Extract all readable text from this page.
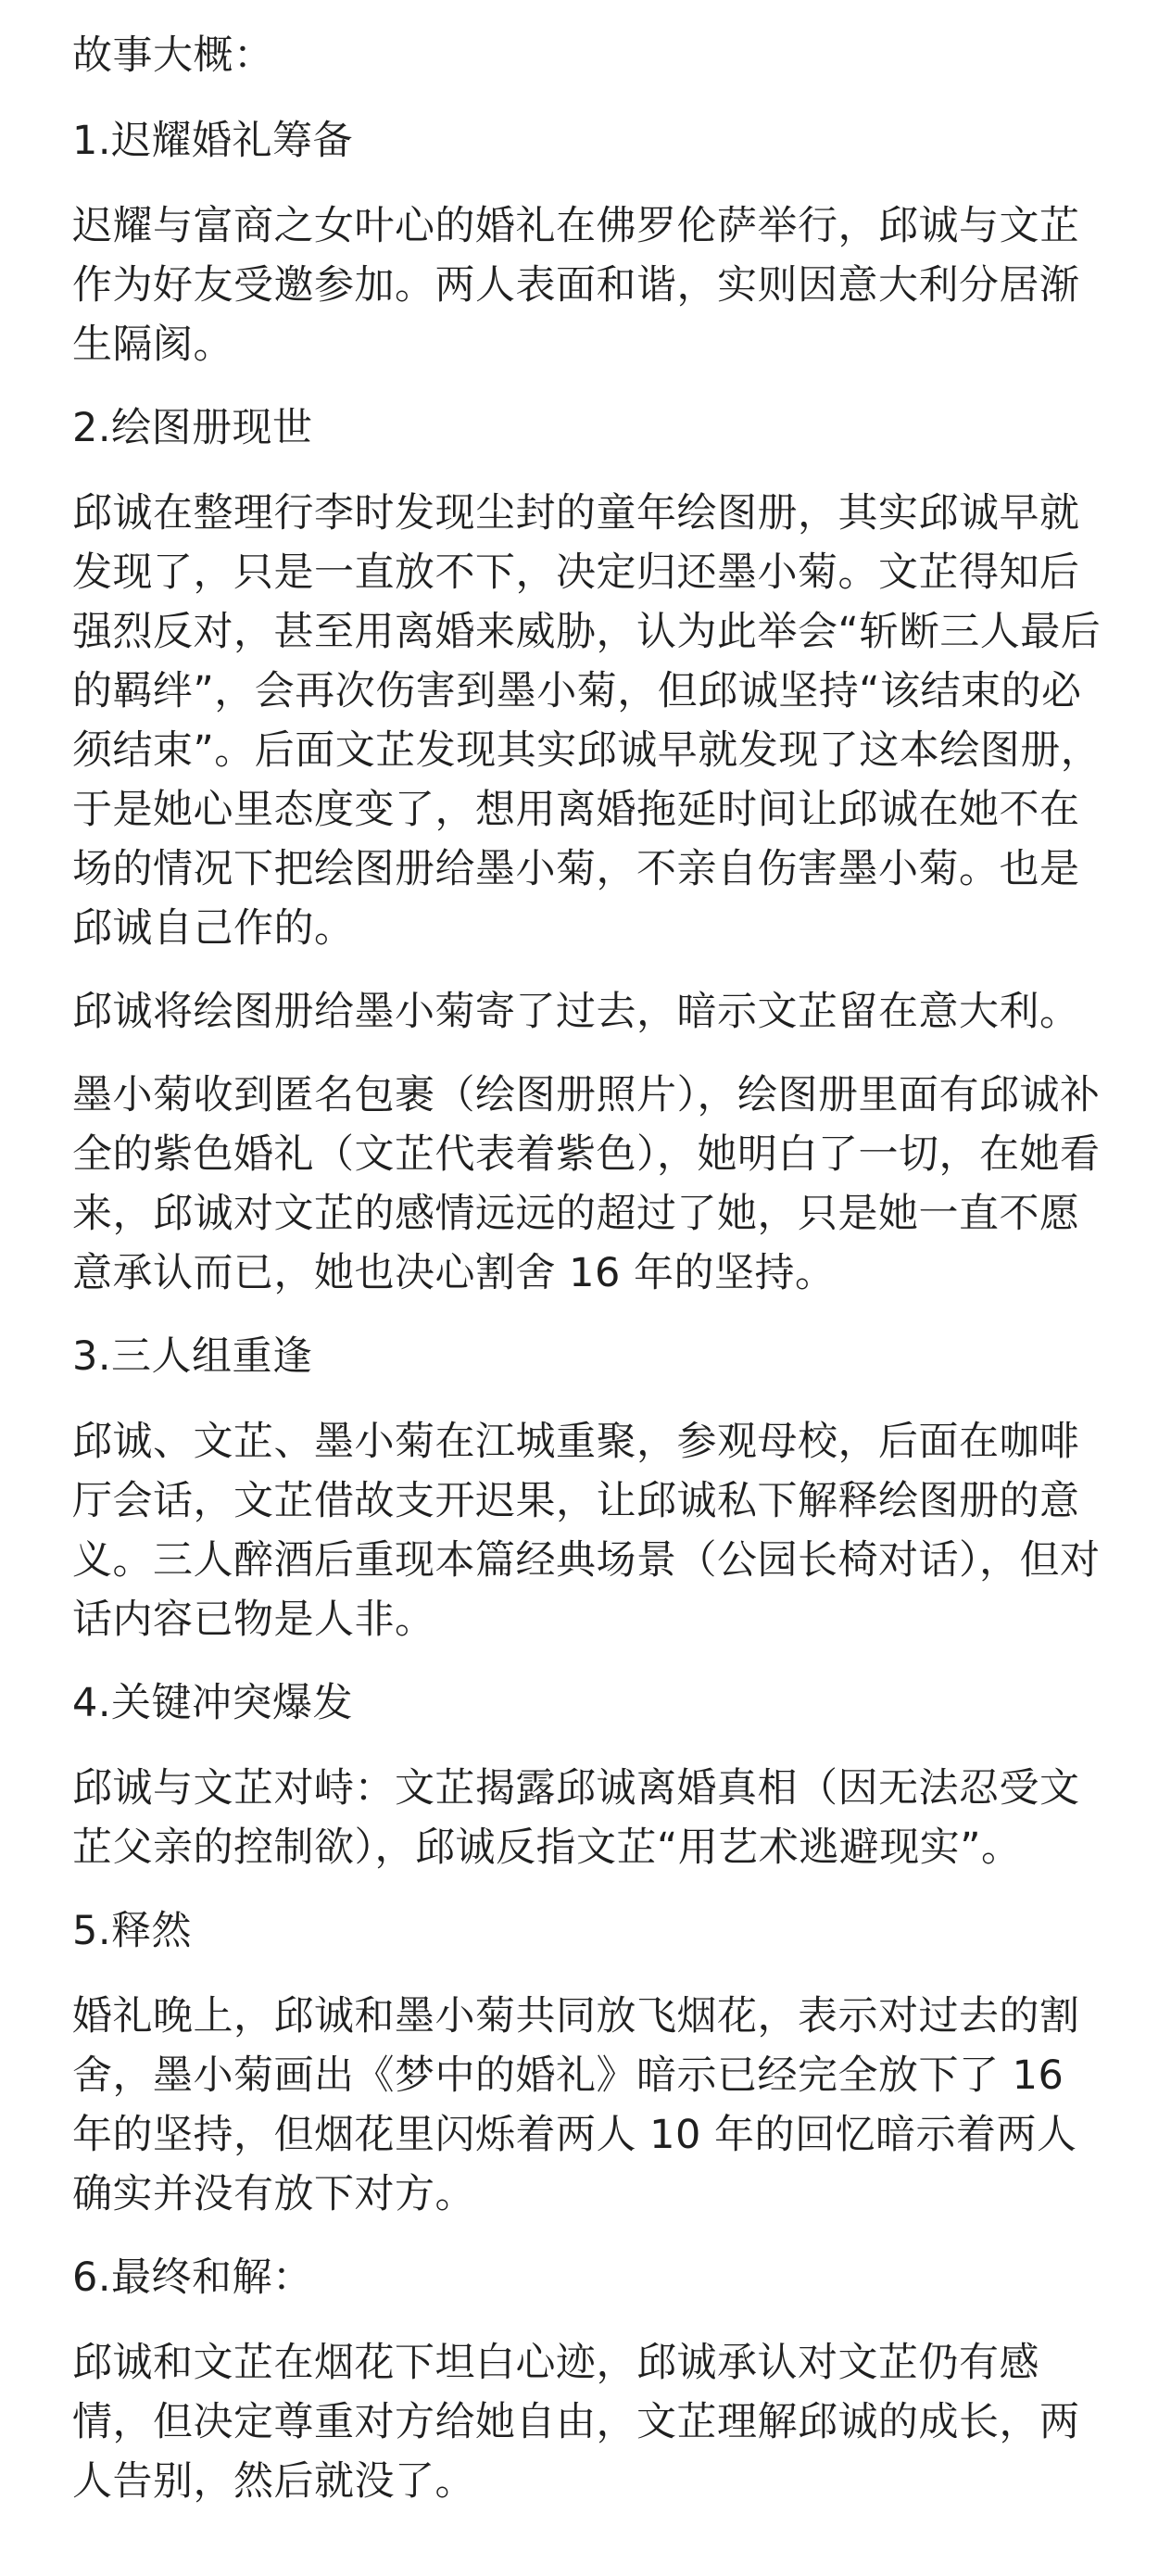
故事大概：

1.迟耀婚礼筹备

迟耀与富商之女叶心的婚礼在佛罗伦萨举行，邱诚与文芷作为好友受邀参加。两人表面和谐，实则因意大利分居渐生隔阂。

2.绘图册现世

邱诚在整理行李时发现尘封的童年绘图册，其实邱诚早就发现了，只是一直放不下，决定归还墨小菊。文芷得知后强烈反对，甚至用离婚来威胁，认为此举会“斩断三人最后的羁绊”，会再次伤害到墨小菊，但邱诚坚持“该结束的必须结束”。后面文芷发现其实邱诚早就发现了这本绘图册，于是她心里态度变了，想用离婚拖延时间让邱诚在她不在场的情况下把绘图册给墨小菊，不亲自伤害墨小菊。也是邱诚自己作的。

邱诚将绘图册给墨小菊寄了过去，暗示文芷留在意大利。

墨小菊收到匿名包裹（绘图册照片），绘图册里面有邱诚补全的紫色婚礼（文芷代表着紫色），她明白了一切，在她看来，邱诚对文芷的感情远远的超过了她，只是她一直不愿意承认而已，她也决心割舍 16 年的坚持。

3.三人组重逢

邱诚、文芷、墨小菊在江城重聚，参观母校，后面在咖啡厅会话，文芷借故支开迟果，让邱诚私下解释绘图册的意义。三人醉酒后重现本篇经典场景（公园长椅对话），但对话内容已物是人非。

4.关键冲突爆发

邱诚与文芷对峙：文芷揭露邱诚离婚真相（因无法忍受文芷父亲的控制欲），邱诚反指文芷“用艺术逃避现实”。

5.释然

婚礼晚上，邱诚和墨小菊共同放飞烟花，表示对过去的割舍，墨小菊画出《梦中的婚礼》暗示已经完全放下了 16 年的坚持，但烟花里闪烁着两人 10 年的回忆暗示着两人确实并没有放下对方。

6.最终和解：

邱诚和文芷在烟花下坦白心迹，邱诚承认对文芷仍有感情，但决定尊重对方给她自由，文芷理解邱诚的成长，两人告别，然后就没了。
